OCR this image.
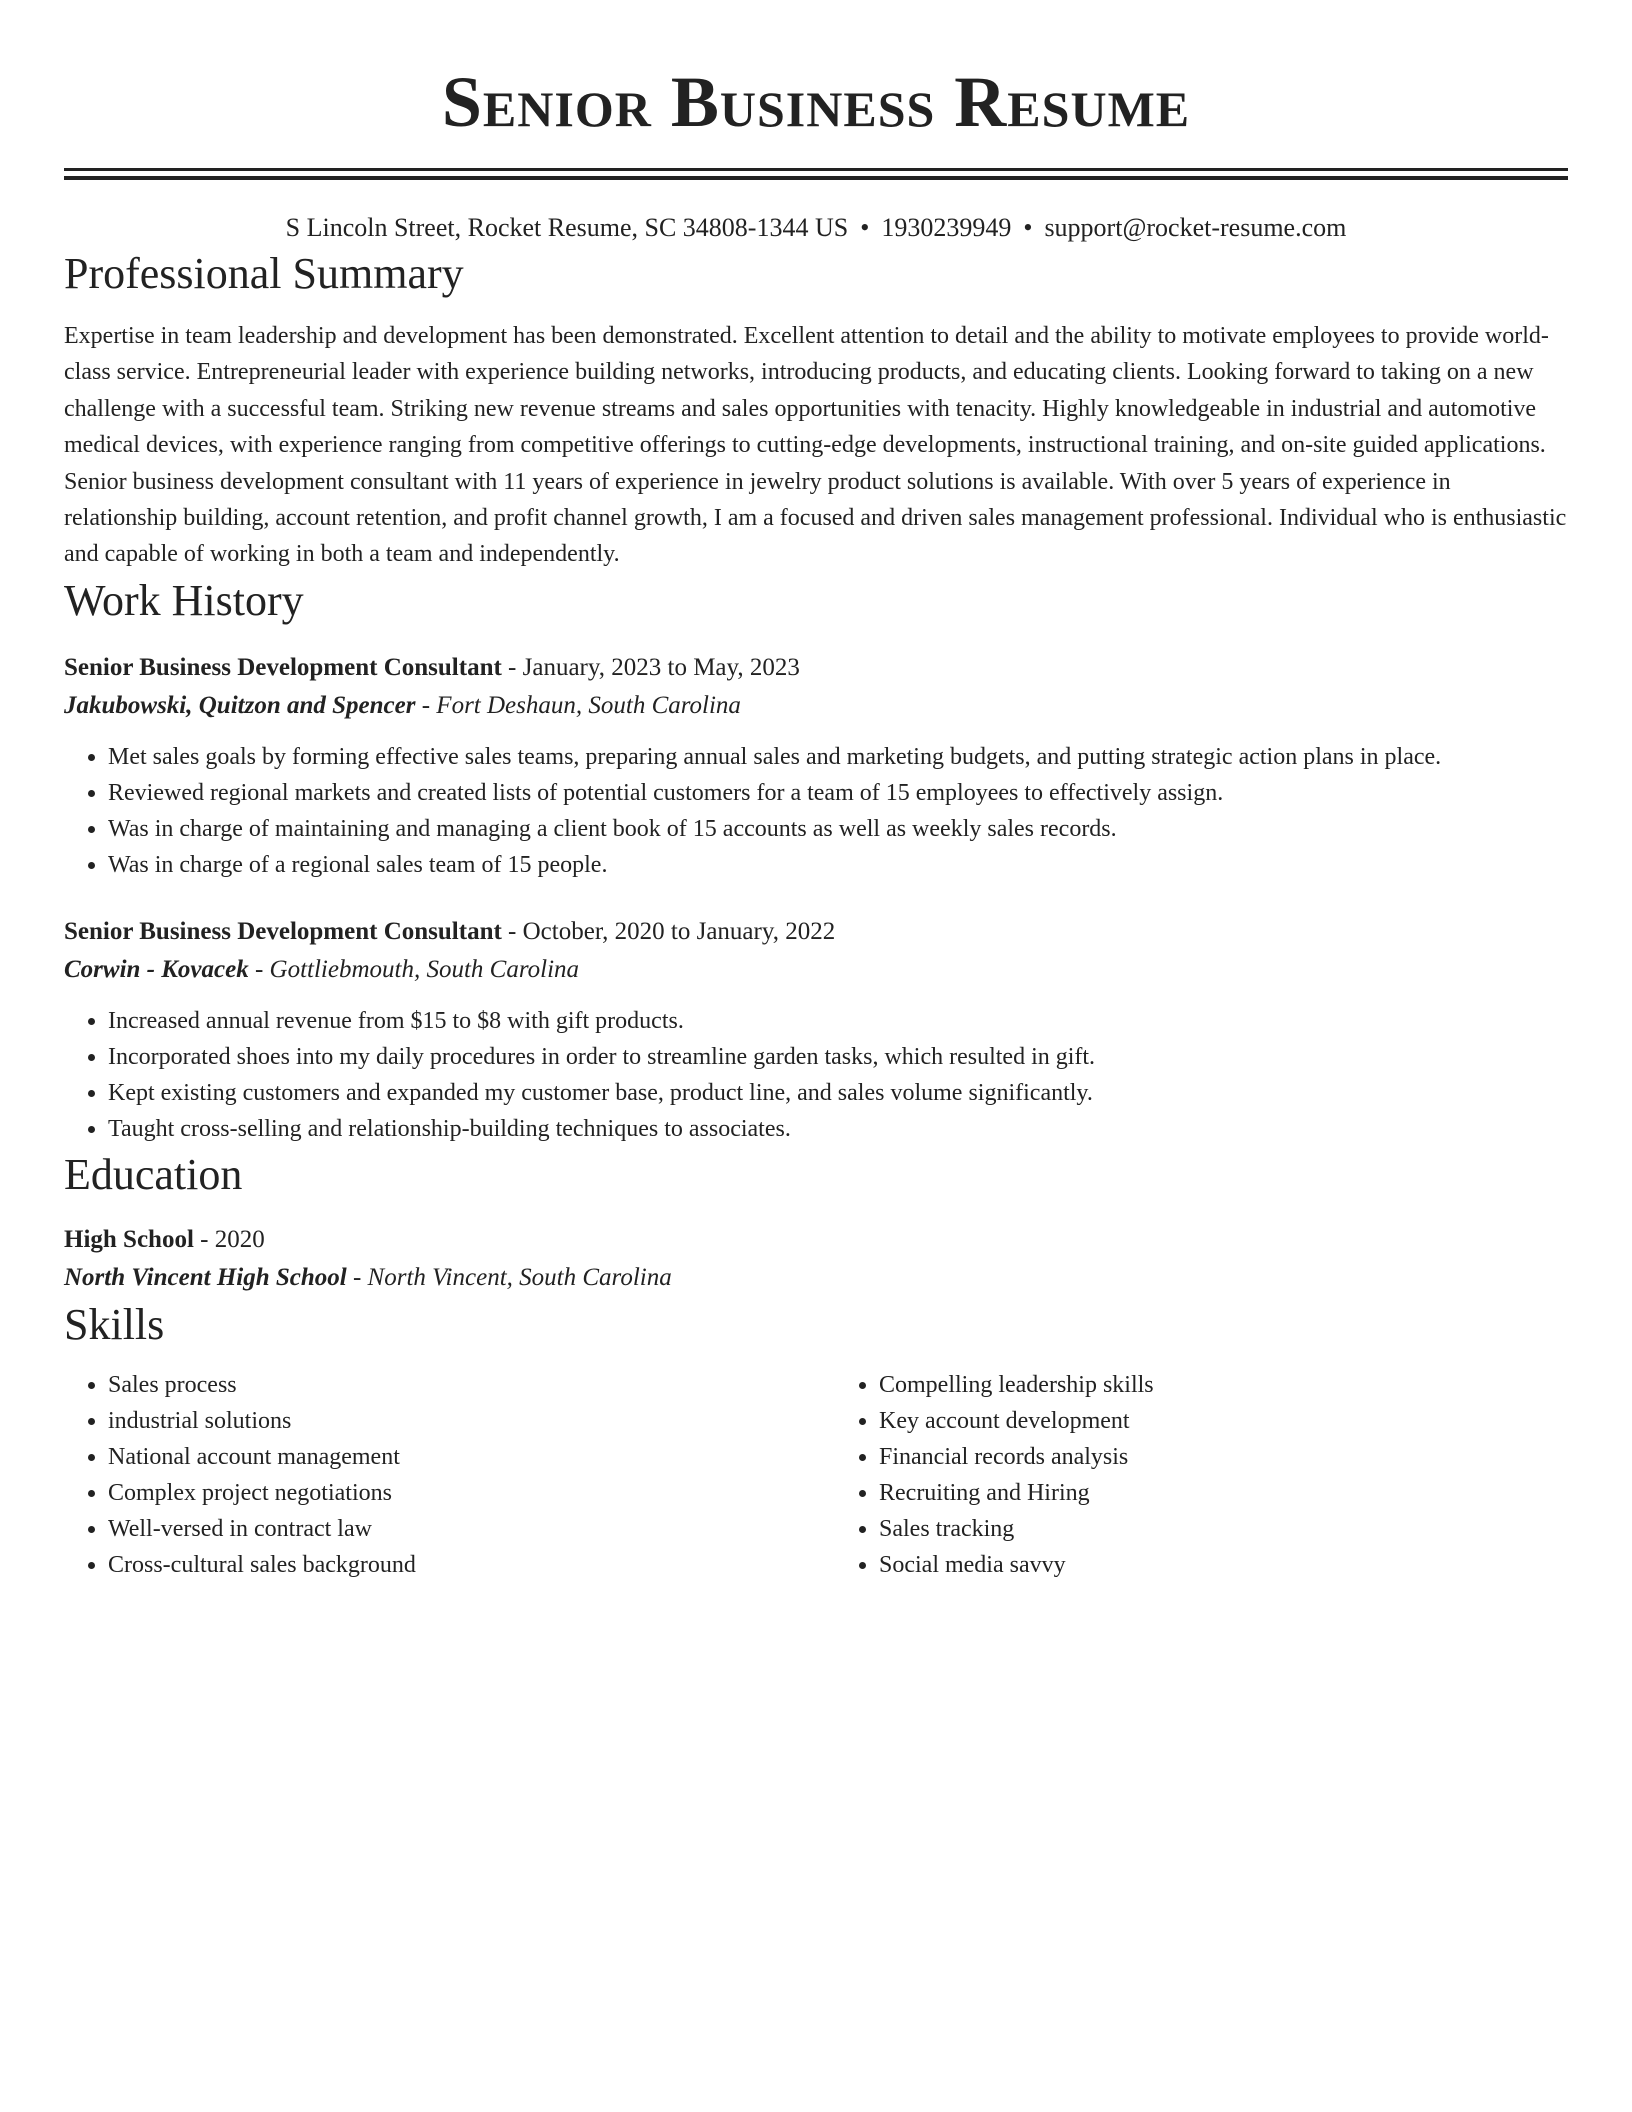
Senior Business Resume
S Lincoln Street, Rocket Resume, SC 34808-1344 US • 1930239949 • support@rocket-resume.com
Professional Summary
Expertise in team leadership and development has been demonstrated. Excellent attention to detail and the ability to motivate employees to provide world-class service. Entrepreneurial leader with experience building networks, introducing products, and educating clients. Looking forward to taking on a new challenge with a successful team. Striking new revenue streams and sales opportunities with tenacity. Highly knowledgeable in industrial and automotive medical devices, with experience ranging from competitive offerings to cutting-edge developments, instructional training, and on-site guided applications. Senior business development consultant with 11 years of experience in jewelry product solutions is available. With over 5 years of experience in relationship building, account retention, and profit channel growth, I am a focused and driven sales management professional. Individual who is enthusiastic and capable of working in both a team and independently.
Work History
Senior Business Development Consultant - January, 2023 to May, 2023
Jakubowski, Quitzon and Spencer - Fort Deshaun, South Carolina
• Met sales goals by forming effective sales teams, preparing annual sales and marketing budgets, and putting strategic action plans in place.
• Reviewed regional markets and created lists of potential customers for a team of 15 employees to effectively assign.
• Was in charge of maintaining and managing a client book of 15 accounts as well as weekly sales records.
• Was in charge of a regional sales team of 15 people.
Senior Business Development Consultant - October, 2020 to January, 2022
Corwin - Kovacek - Gottliebmouth, South Carolina
• Increased annual revenue from $15 to $8 with gift products.
• Incorporated shoes into my daily procedures in order to streamline garden tasks, which resulted in gift.
• Kept existing customers and expanded my customer base, product line, and sales volume significantly.
• Taught cross-selling and relationship-building techniques to associates.
Education
High School - 2020
North Vincent High School - North Vincent, South Carolina
Skills
• Sales process
• industrial solutions
• National account management
• Complex project negotiations
• Well-versed in contract law
• Cross-cultural sales background
• Compelling leadership skills
• Key account development
• Financial records analysis
• Recruiting and Hiring
• Sales tracking
• Social media savvy
